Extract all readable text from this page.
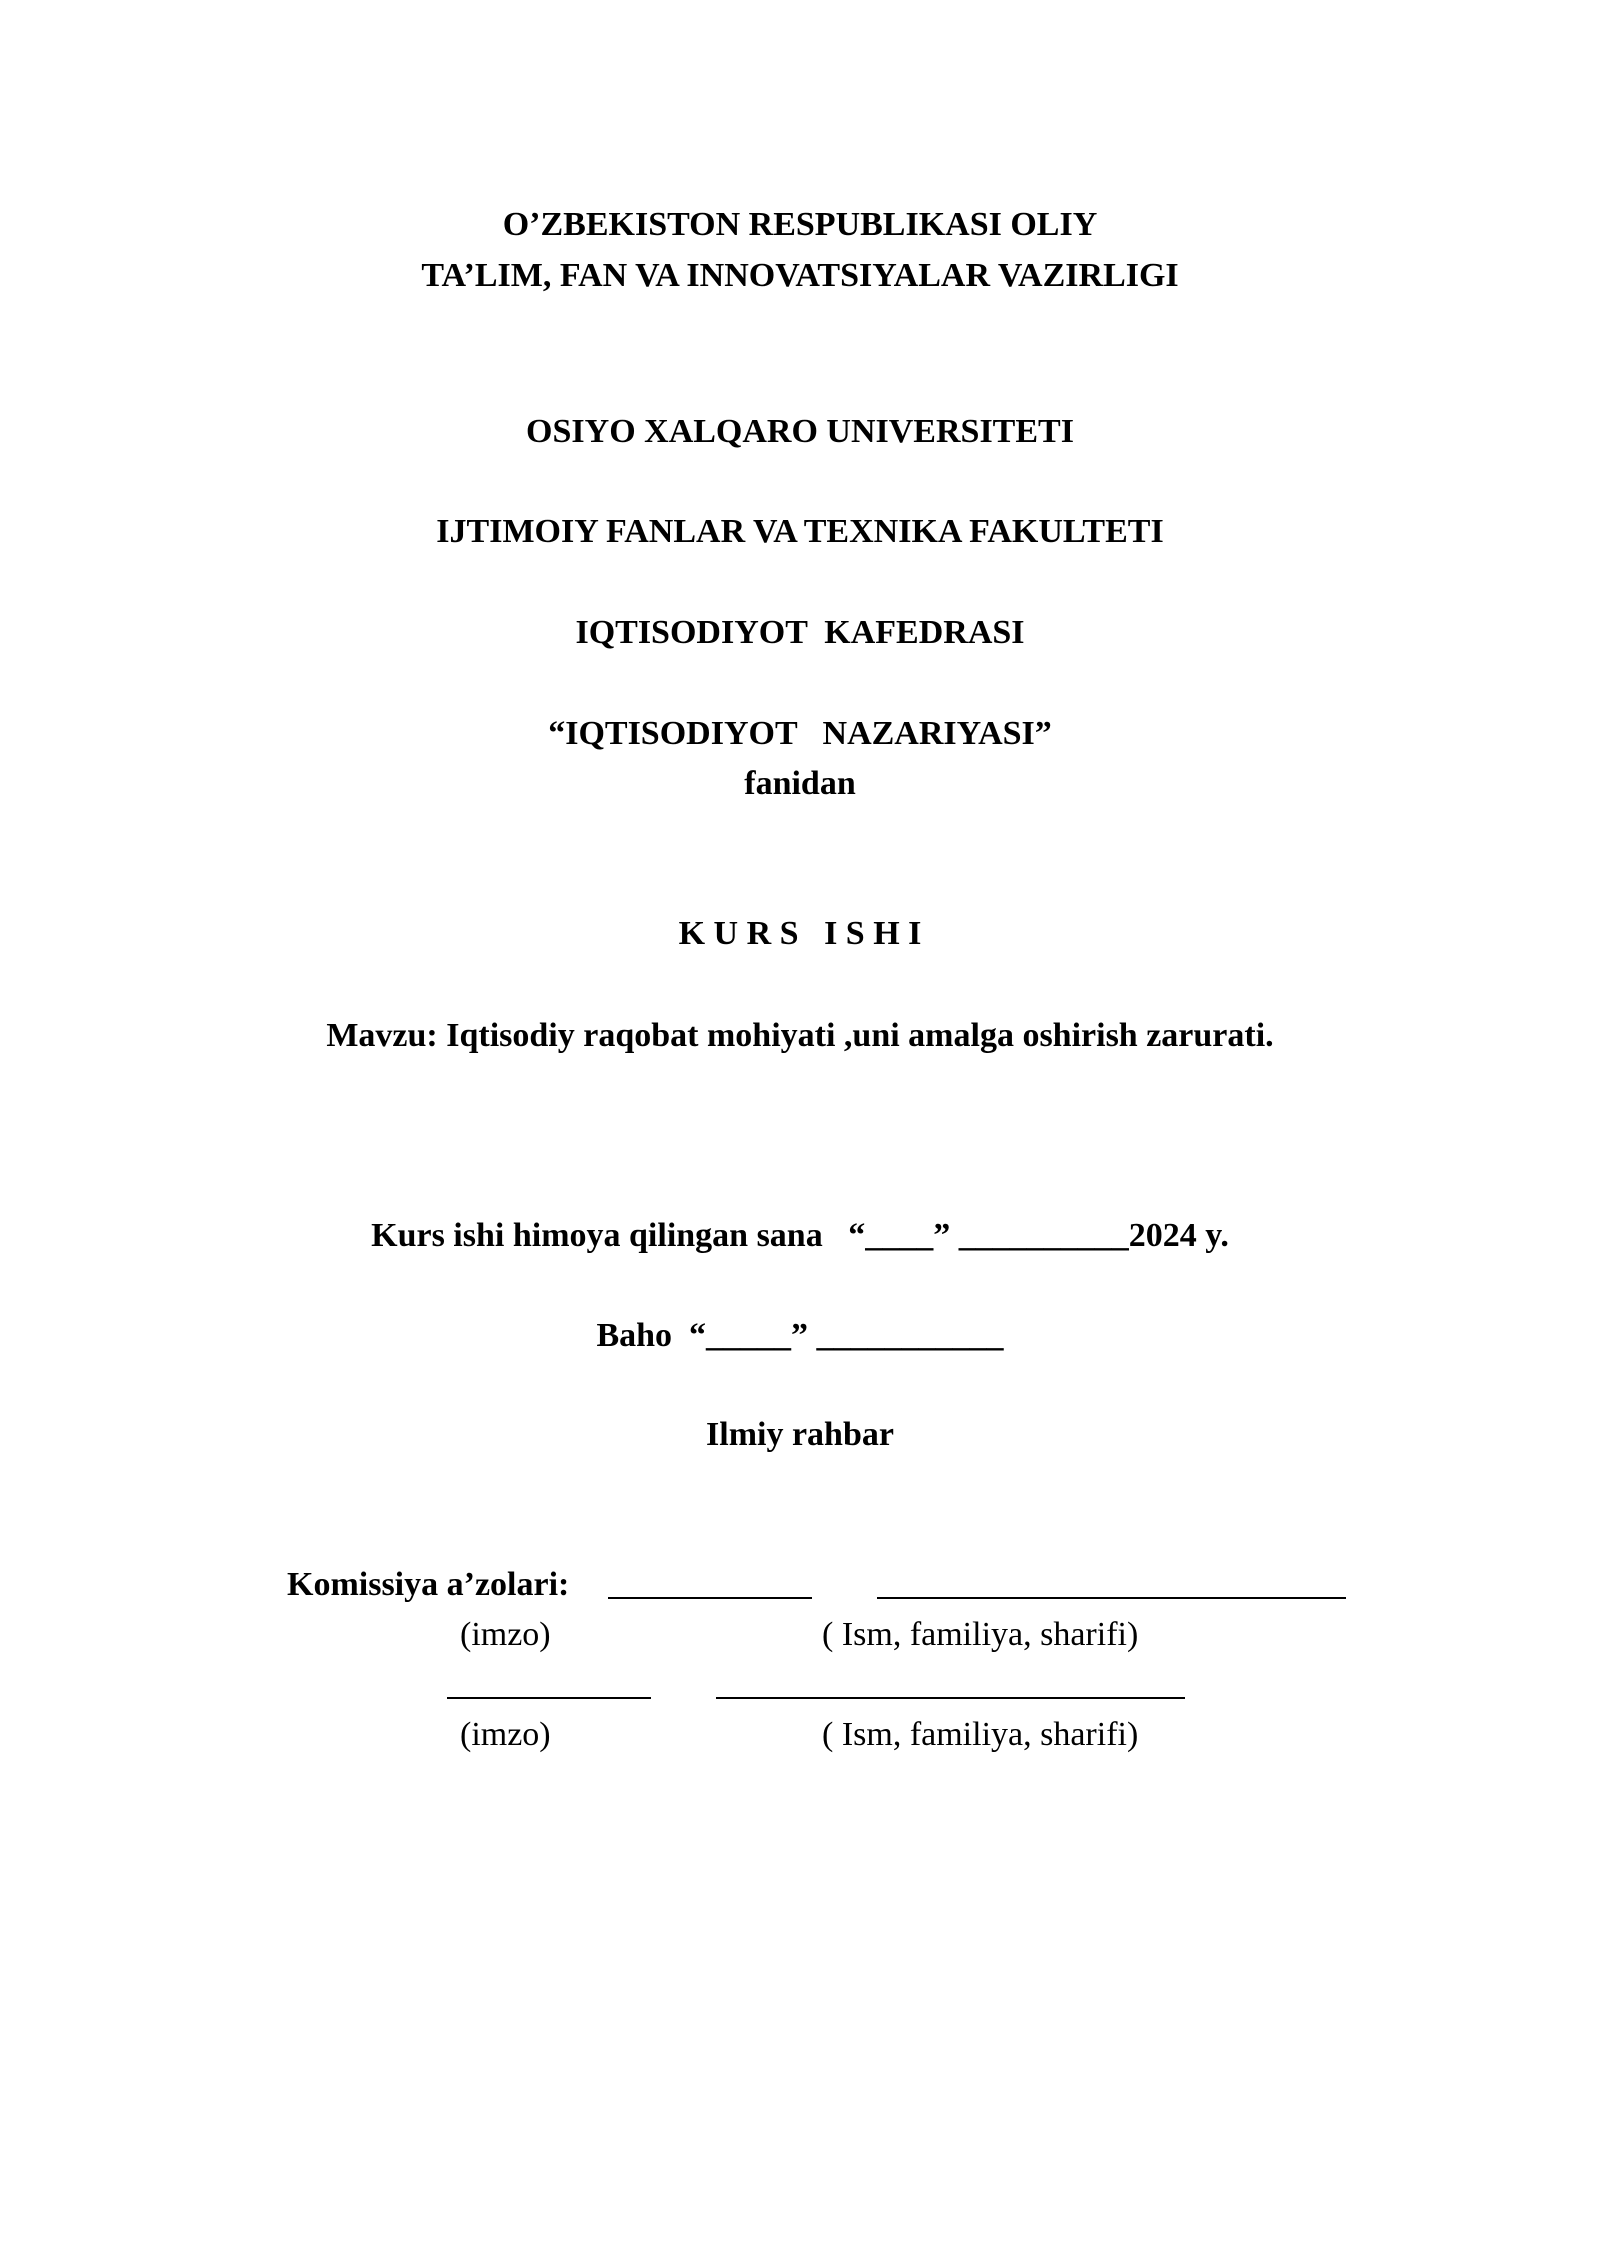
O’ZBEKISTON RESPUBLIKASI OLIY
TA’LIM, FAN VA INNOVATSIYALAR VAZIRLIGI
OSIYO XALQARO UNIVERSITETI
IJTIMOIY FANLAR VA TEXNIKA FAKULTETI
IQTISODIYOT  KAFEDRASI
“IQTISODIYOT   NAZARIYASI”
fanidan
K U R S   I S H I
Mavzu: Iqtisodiy raqobat mohiyati ,uni amalga oshirish zarurati.
Kurs ishi himoya qilingan sana   “____” __________2024 y.
Baho  “_____” ___________
Ilmiy rahbar
Komissiya a’zolari:
(imzo)	( Ism, familiya, sharifi)
(imzo)	( Ism, familiya, sharifi)
